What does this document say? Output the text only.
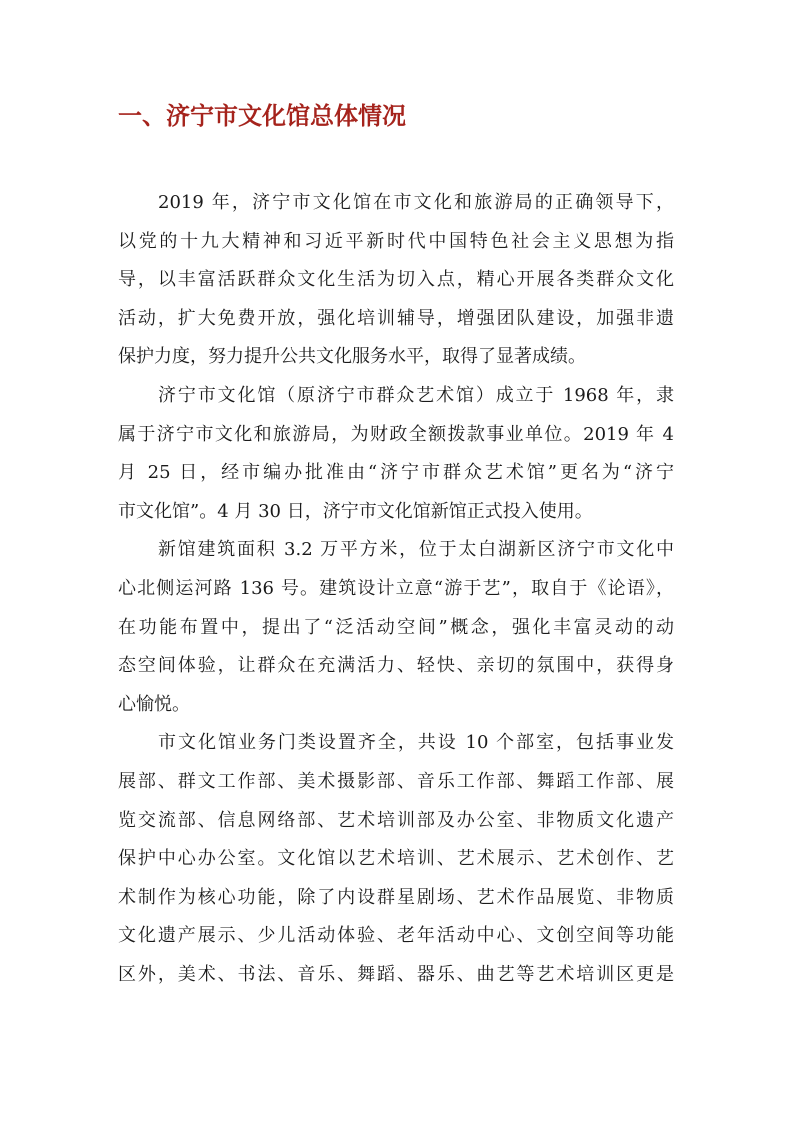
一、济宁市文化馆总体情况

2019 年，济宁市文化馆在市文化和旅游局的正确领导下，
以党的十九大精神和习近平新时代中国特色社会主义思想为指
导，以丰富活跃群众文化生活为切入点，精心开展各类群众文化
活动，扩大免费开放，强化培训辅导，增强团队建设，加强非遗
保护力度，努力提升公共文化服务水平，取得了显著成绩。

济宁市文化馆（原济宁市群众艺术馆）成立于 1968 年，隶
属于济宁市文化和旅游局，为财政全额拨款事业单位。2019 年 4
月 25 日，经市编办批准由“济宁市群众艺术馆”更名为“济宁
市文化馆”。4 月 30 日，济宁市文化馆新馆正式投入使用。

新馆建筑面积 3.2 万平方米，位于太白湖新区济宁市文化中
心北侧运河路 136 号。建筑设计立意“游于艺”，取自于《论语》，
在功能布置中，提出了“泛活动空间”概念，强化丰富灵动的动
态空间体验，让群众在充满活力、轻快、亲切的氛围中，获得身
心愉悦。

市文化馆业务门类设置齐全，共设 10 个部室，包括事业发
展部、群文工作部、美术摄影部、音乐工作部、舞蹈工作部、展
览交流部、信息网络部、艺术培训部及办公室、非物质文化遗产
保护中心办公室。文化馆以艺术培训、艺术展示、艺术创作、艺
术制作为核心功能，除了内设群星剧场、艺术作品展览、非物质
文化遗产展示、少儿活动体验、老年活动中心、文创空间等功能
区外，美术、书法、音乐、舞蹈、器乐、曲艺等艺术培训区更是
